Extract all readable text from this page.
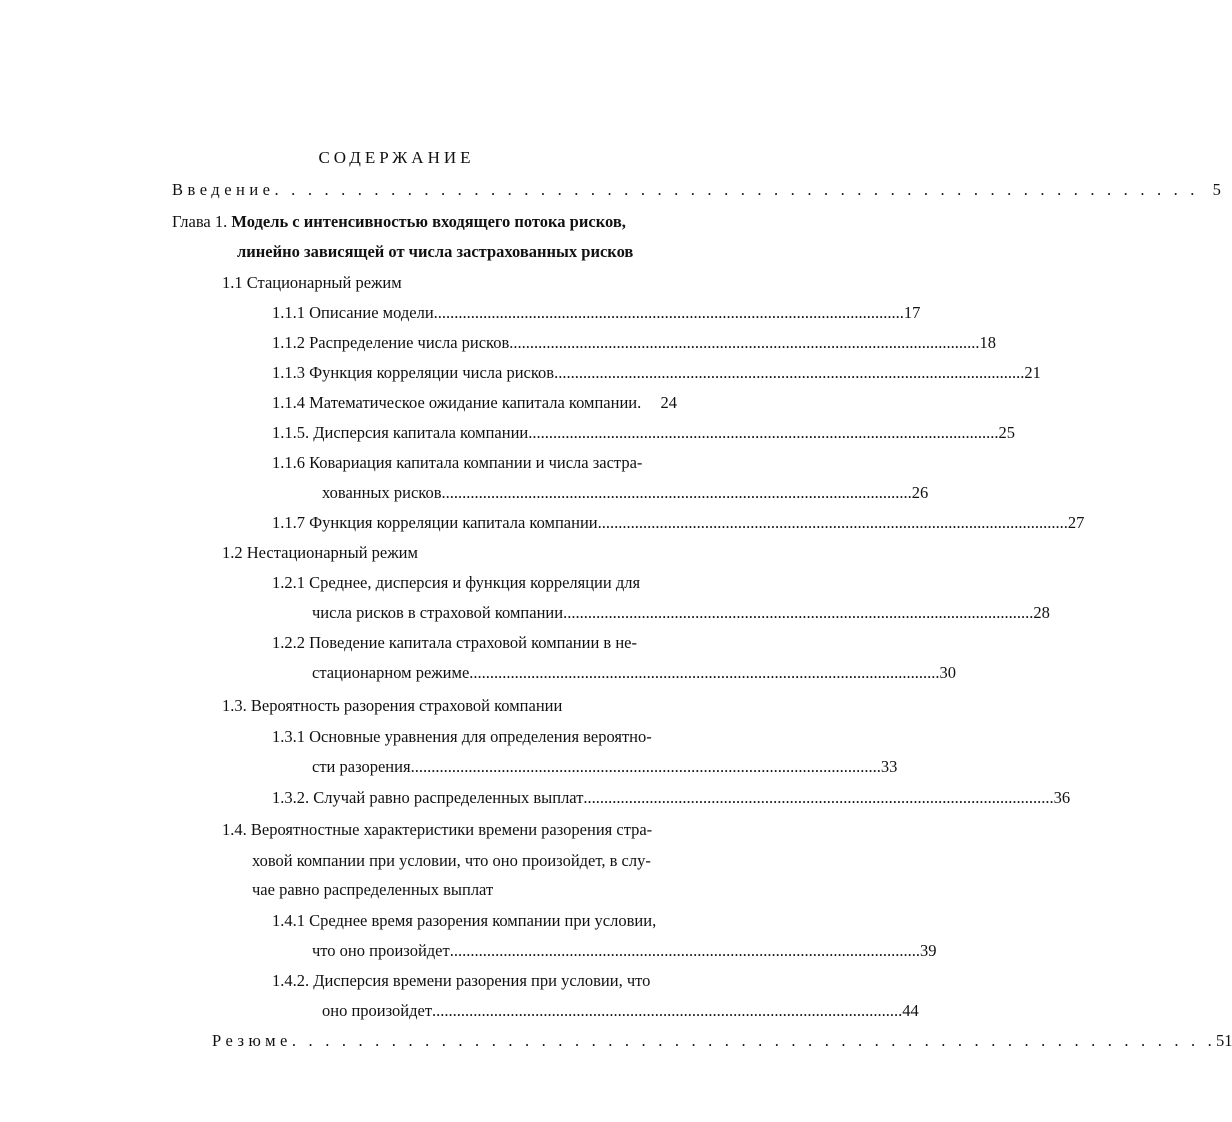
СОДЕРЖАНИЕ
Введение . . . . . . . . . . . . . . . . . . . . . . . . . . . . . . . . . . . . . . . . . . . . . . . . . . . . . . . . 5
Глава 1. Модель с интенсивностью входящего потока рисков,
линейно зависящей от числа застрахованных рисков
1.1 Стационарный режим
1.1.1 Описание модели .................................................................................................................. 17
1.1.2 Распределение числа рисков .................................................................................................................. 18
1.1.3 Функция корреляции числа рисков .................................................................................................................. 21
1.1.4 Математическое ожидание капитала компании. 24
1.1.5. Дисперсия капитала компании .................................................................................................................. 25
1.1.6 Ковариация капитала компании и числа застра-
хованных рисков .................................................................................................................. 26
1.1.7 Функция корреляции капитала компании .................................................................................................................. 27
1.2 Нестационарный режим
1.2.1 Среднее, дисперсия и функция корреляции для
числа рисков в страховой компании .................................................................................................................. 28
1.2.2 Поведение капитала страховой компании в не-
стационарном режиме .................................................................................................................. 30
1.3. Вероятность разорения страховой компании
1.3.1 Основные уравнения для определения вероятно-
сти разорения .................................................................................................................. 33
1.3.2. Случай равно распределенных выплат .................................................................................................................. 36
1.4. Вероятностные характеристики времени разорения стра-
ховой компании при условии, что оно произойдет, в слу-
чае равно распределенных выплат
1.4.1 Среднее время разорения компании при условии,
что оно произойдет .................................................................................................................. 39
1.4.2. Дисперсия времени разорения при условии, что
оно произойдет .................................................................................................................. 44
Резюме . . . . . . . . . . . . . . . . . . . . . . . . . . . . . . . . . . . . . . . . . . . . . . . . . . . . . . . . 51
